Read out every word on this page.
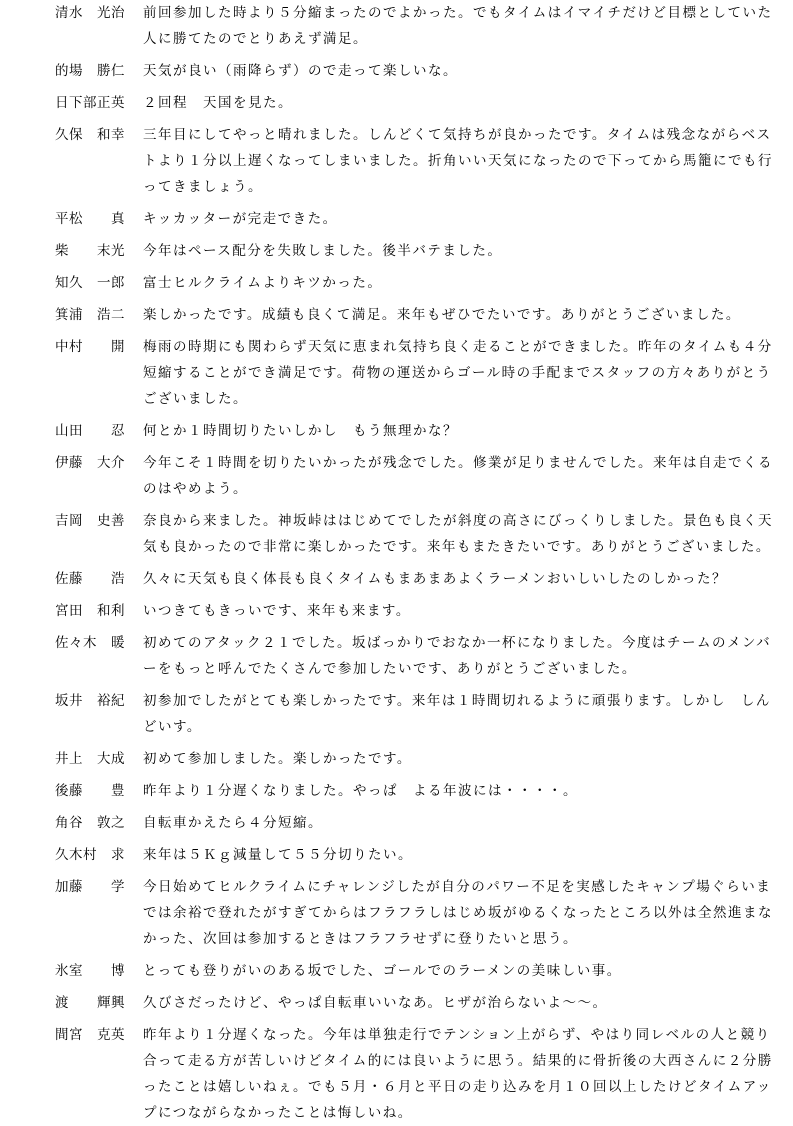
清水　光治	前回参加した時より５分縮まったのでよかった。でもタイムはイマイチだけど目標としていた人に勝てたのでとりあえず満足。
的場　勝仁	天気が良い（雨降らず）ので走って楽しいな。
日下部正英	２回程　天国を見た。
久保　和幸	三年目にしてやっと晴れました。しんどくて気持ちが良かったです。タイムは残念ながらベストより１分以上遅くなってしまいました。折角いい天気になったので下ってから馬籠にでも行ってきましょう。
平松　　真	キッカッターが完走できた。
柴　　末光	今年はペース配分を失敗しました。後半バテました。
知久　一郎	富士ヒルクライムよりキツかった。
箕浦　浩二	楽しかったです。成績も良くて満足。来年もぜひでたいです。ありがとうございました。
中村　　開	梅雨の時期にも関わらず天気に恵まれ気持ち良く走ることができました。昨年のタイムも４分短縮することができ満足です。荷物の運送からゴール時の手配までスタッフの方々ありがとうございました。
山田　　忍	何とか１時間切りたいしかし　もう無理かな？
伊藤　大介	今年こそ１時間を切りたいかったが残念でした。修業が足りませんでした。来年は自走でくるのはやめよう。
吉岡　史善	奈良から来ました。神坂峠ははじめてでしたが斜度の高さにびっくりしました。景色も良く天気も良かったので非常に楽しかったです。来年もまたきたいです。ありがとうございました。
佐藤　　浩	久々に天気も良く体長も良くタイムもまあまあよくラーメンおいしいしたのしかった？
宮田　和利	いつきてもきっいです、来年も来ます。
佐々木　暖	初めてのアタック２１でした。坂ばっかりでおなか一杯になりました。今度はチームのメンバーをもっと呼んでたくさんで参加したいです、ありがとうございました。
坂井　裕紀	初参加でしたがとても楽しかったです。来年は１時間切れるように頑張ります。しかし　しんどいす。
井上　大成	初めて参加しました。楽しかったです。
後藤　　豊	昨年より１分遅くなりました。やっぱ　よる年波には・・・・。
角谷　敦之	自転車かえたら４分短縮。
久木村　求	来年は５Ｋｇ減量して５５分切りたい。
加藤　　学	今日始めてヒルクライムにチャレンジしたが自分のパワー不足を実感したキャンプ場ぐらいまでは余裕で登れたがすぎてからはフラフラしはじめ坂がゆるくなったところ以外は全然進まなかった、次回は参加するときはフラフラせずに登りたいと思う。
氷室　　博	とっても登りがいのある坂でした、ゴールでのラーメンの美味しい事。
渡　　輝興	久びさだったけど、やっぱ自転車いいなあ。ヒザが治らないよ～～。
間宮　克英	昨年より１分遅くなった。今年は単独走行でテンション上がらず、やはり同レベルの人と競り合って走る方が苦しいけどタイム的には良いように思う。結果的に骨折後の大西さんに２分勝ったことは嬉しいねぇ。でも５月・６月と平日の走り込みを月１０回以上したけどタイムアップにつながらなかったことは悔しいね。
